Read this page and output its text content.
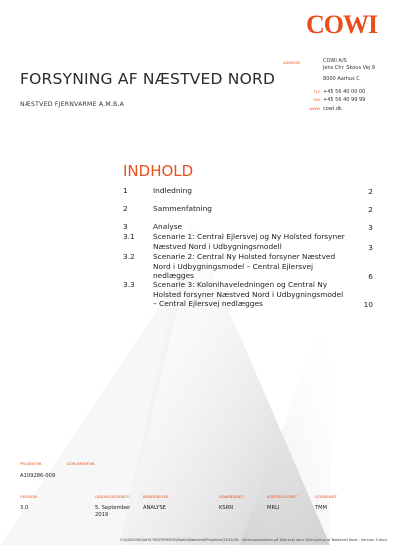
COWI
ADRESSE	COWI A/S
Jens Chr. Skous Vej 9
8000 Aarhus C
TLF +45 56 40 00 00
FAX +45 56 40 99 99
WWW cowi.dk
FORSYNING AF NÆSTVED NORD
NÆSTVED FJERNVARME A.M.B.A
INDHOLD
1	Indledning	2
2	Sammenfatning	2
3	Analyse	3
3.1 Scenarie 1: Central Ejlersvej og Ny Holsted forsyner Næstved Nord i Udbygningsmodell	3
3.2 Scenarie 2: Central Ny Holsted forsyner Næstved Nord i Udbygningsmodel – Central Ejlersvej nedlægges	6
3.3 Scenarie 3: Kolonihaveledningen og Central Ny Holsted forsyner Næstved Nord i Udbygningsmodel – Central Ejlersvej nedlægges	10
PROJEKTNR.	DOKUMENTNR.
A109286-009
VERSION	UDGIVELSESDATO	BESKRIVELSE	UDARBEJDET	KONTROLLERET	GODKENDT
3.0	5. September 2019
ANALYSE	KSRN	MRLI	TMM
O:\A000000\A091789\TERMOD\Model\Næstved\Projekter\2019-08 - Varmeproduktion på Ejlersvej vers 2\Forsyning af Næstved Nord - Version 3.docx
